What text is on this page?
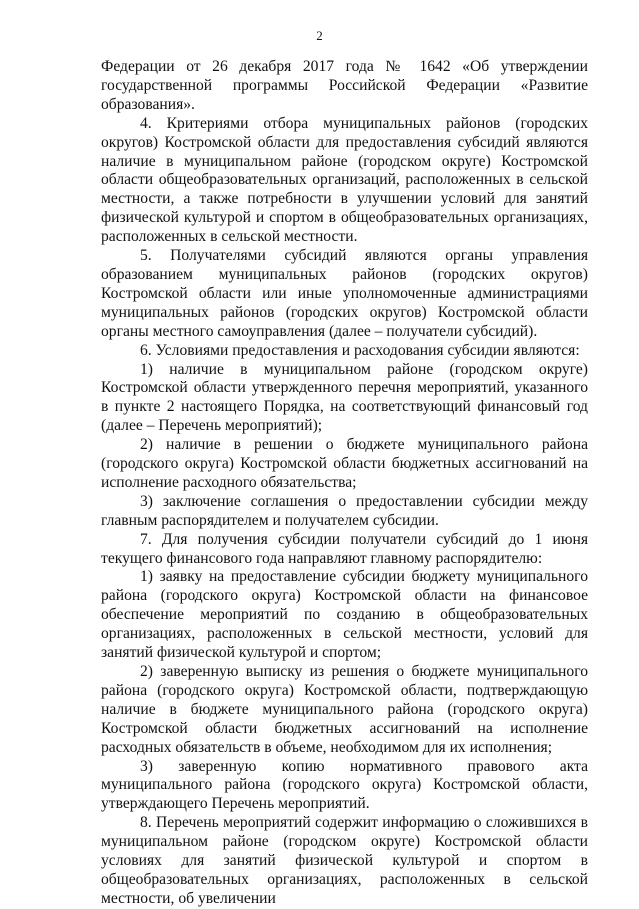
2

Федерации от 26 декабря 2017 года № 1642 «Об утверждении государственной программы Российской Федерации «Развитие образования».

4. Критериями отбора муниципальных районов (городских округов) Костромской области для предоставления субсидий являются наличие в муниципальном районе (городском округе) Костромской области общеобразовательных организаций, расположенных в сельской местности, а также потребности в улучшении условий для занятий физической культурой и спортом в общеобразовательных организациях, расположенных в сельской местности.

5. Получателями субсидий являются органы управления образованием муниципальных районов (городских округов) Костромской области или иные уполномоченные администрациями муниципальных районов (городских округов) Костромской области органы местного самоуправления (далее – получатели субсидий).

6. Условиями предоставления и расходования субсидии являются:

1) наличие в муниципальном районе (городском округе) Костромской области утвержденного перечня мероприятий, указанного в пункте 2 настоящего Порядка, на соответствующий финансовый год (далее – Перечень мероприятий);

2) наличие в решении о бюджете муниципального района (городского округа) Костромской области бюджетных ассигнований на исполнение расходного обязательства;

3) заключение соглашения о предоставлении субсидии между главным распорядителем и получателем субсидии.

7. Для получения субсидии получатели субсидий до 1 июня текущего финансового года направляют главному распорядителю:

1) заявку на предоставление субсидии бюджету муниципального района (городского округа) Костромской области на финансовое обеспечение мероприятий по созданию в общеобразовательных организациях, расположенных в сельской местности, условий для занятий физической культурой и спортом;

2) заверенную выписку из решения о бюджете муниципального района (городского округа) Костромской области, подтверждающую наличие в бюджете муниципального района (городского округа) Костромской области бюджетных ассигнований на исполнение расходных обязательств в объеме, необходимом для их исполнения;

3) заверенную копию нормативного правового акта муниципального района (городского округа) Костромской области, утверждающего Перечень мероприятий.

8. Перечень мероприятий содержит информацию о сложившихся в муниципальном районе (городском округе) Костромской области условиях для занятий физической культурой и спортом в общеобразовательных организациях, расположенных в сельской местности, об увеличении
